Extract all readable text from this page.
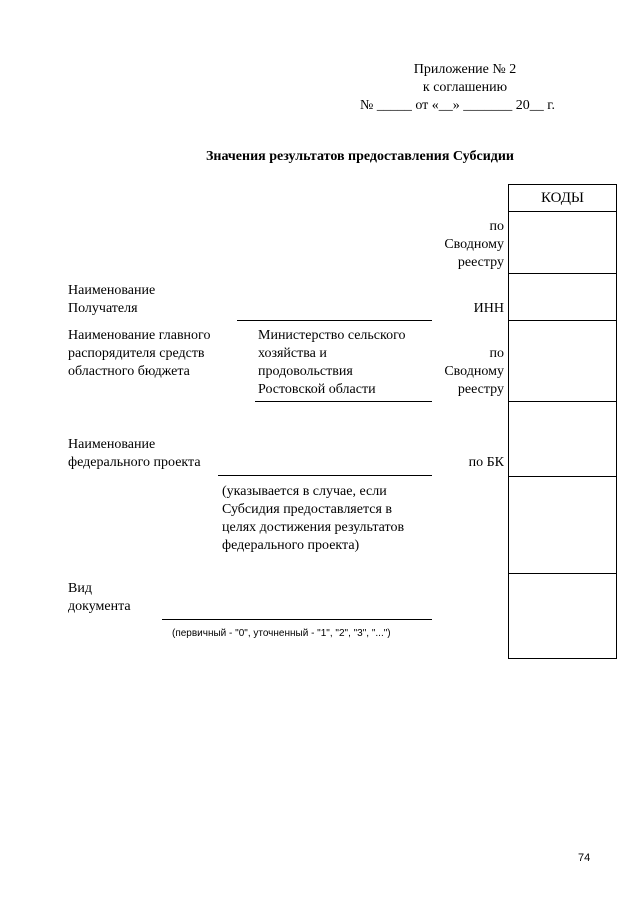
Приложение № 2
к соглашению
№ _____ от «__» _______ 20__ г.
Значения результатов предоставления Субсидии
КОДЫ
по
Сводному
реестру
Наименование
Получателя	ИНН
Наименование главного
распорядителя средств
областного бюджета
Министерство сельского
хозяйства и
продовольствия
Ростовской области
по
Сводному
реестру
Наименование
федерального проекта	по БК
(указывается в случае, если
Субсидия предоставляется в
целях достижения результатов
федерального проекта)
Вид
документа
(первичный - "0", уточненный - "1", "2", "3", "...")
74
